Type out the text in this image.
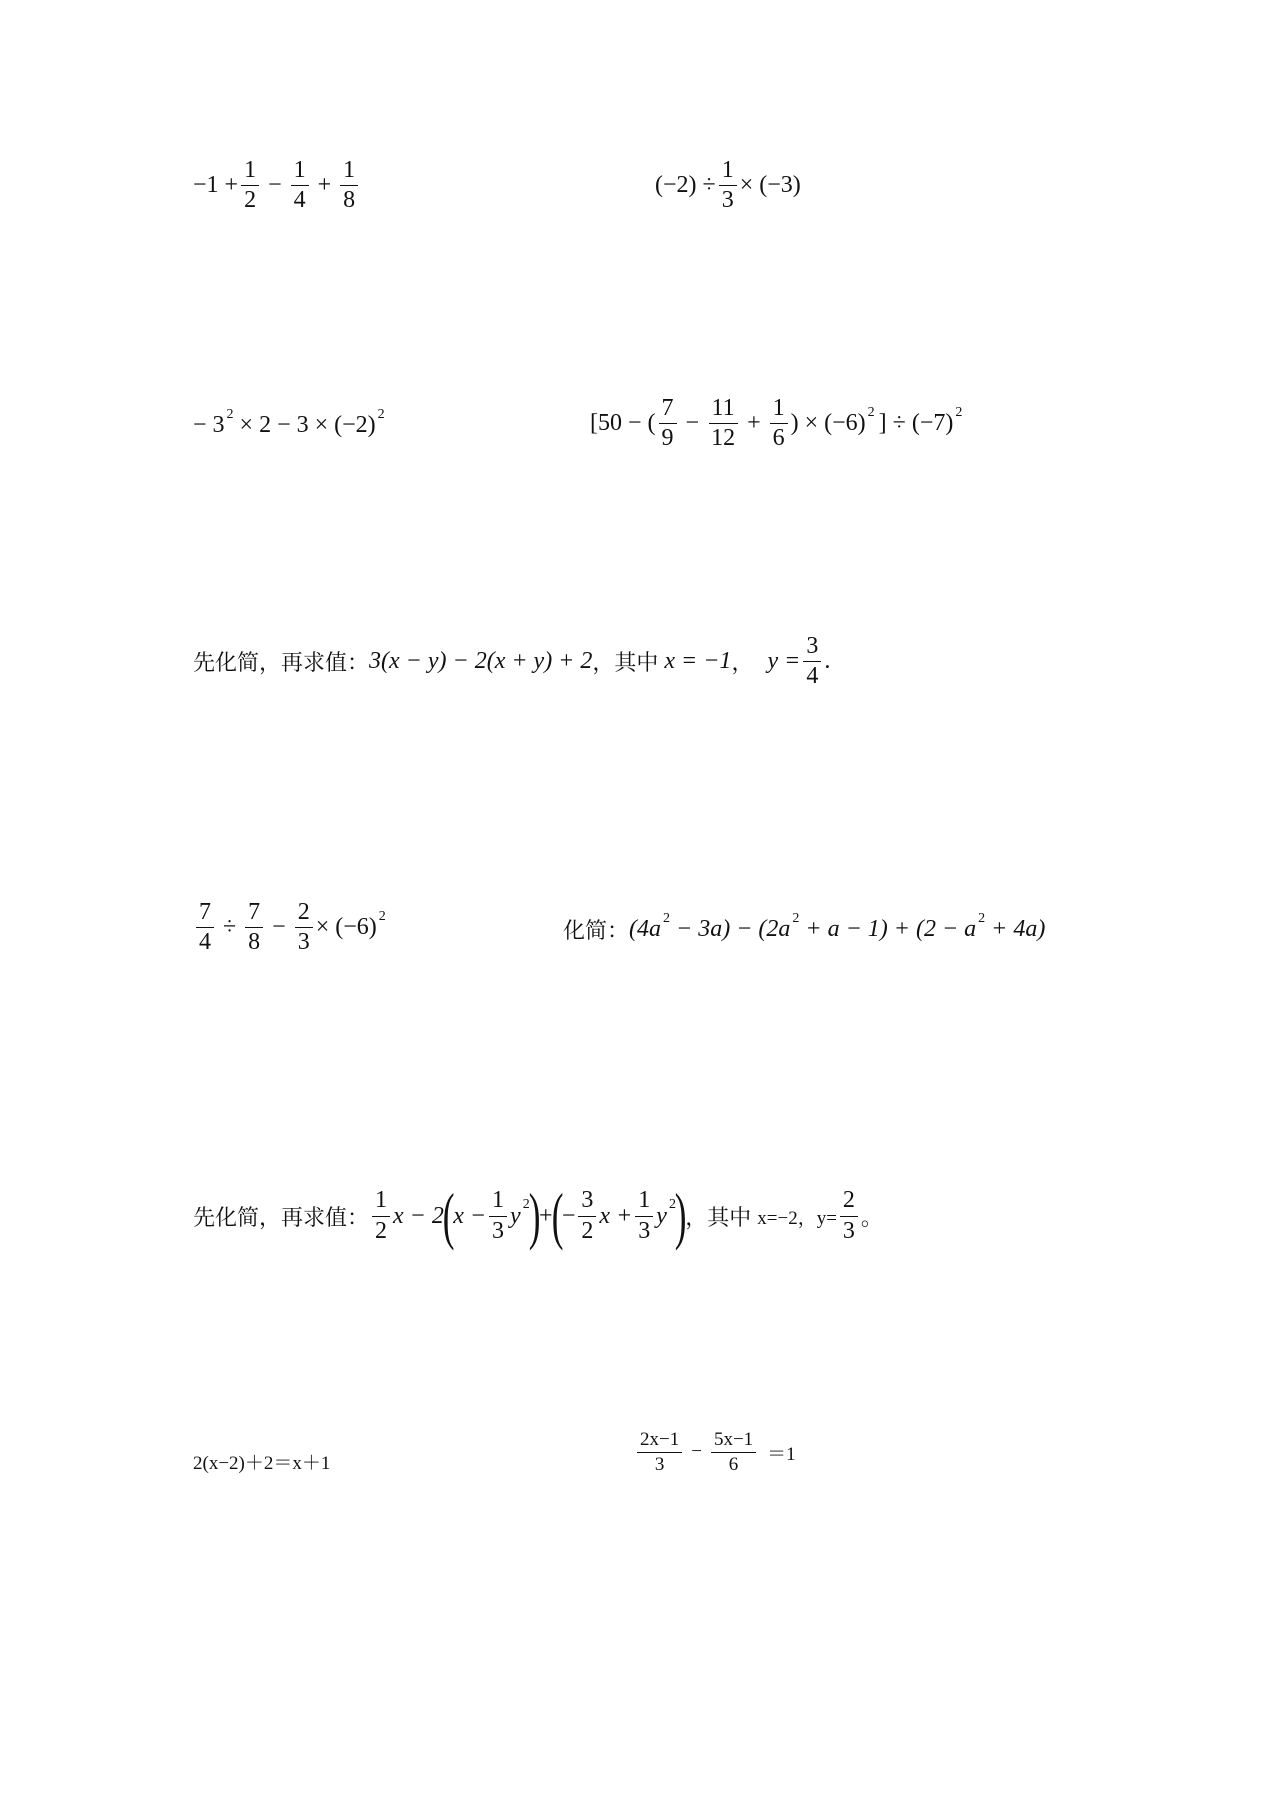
$-1 + \frac{1}{2} - \frac{1}{4} + \frac{1}{8}$	$(-2) \div \frac{1}{3} \times (-3)$
− 3 2 × 2 − 3 × (−2) 2	[50 − ( $\frac{7}{9} - \frac{11}{12} + \frac{1}{6}$ ) × (−6) 2 ] ÷ (−7) 2
先化简，再求值： 3(x − y) − 2(x + y) + 2 ，其中 x = −1 ， $y = \frac{3}{4}$ .
$\frac{7}{4} \div \frac{7}{8} - \frac{2}{3} \times (-6)$ 2
化简： (4a 2 − 3a) − (2a 2 + a − 1) + (2 − a 2 + 4a)
先化简，再求值： $\frac{1}{2}$ x − 2
(
$x - \frac{1}{3}$ y 2
)
+
(
− $\frac{3}{2}$ $x + \frac{1}{3}$ y 2
)
，其中 x=−2，$y= \frac{2}{3}$ 。
2(x−2)＋2＝x＋1	$\frac{2x-1}{3} - \frac{5x-1}{6} =1$
